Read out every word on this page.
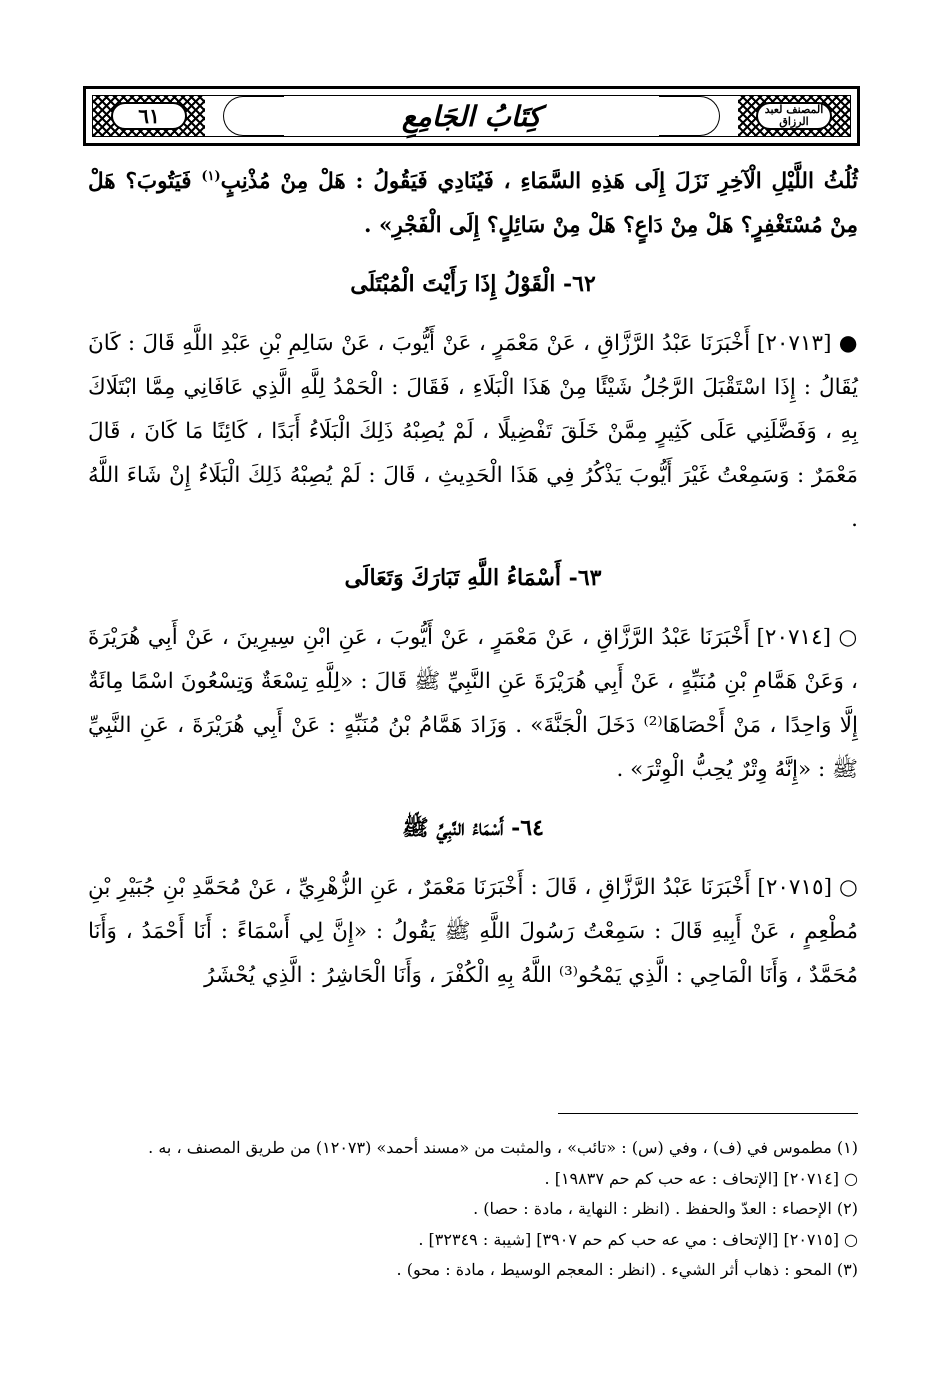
٦١	كِتَابُ الجَامِعِ	المصنف لعبد الرزاق

ثُلُثُ اللَّيْلِ الْآخِرِ نَزَلَ إِلَى هَذِهِ السَّمَاءِ ، فَيُنَادِي فَيَقُولُ : هَلْ مِنْ مُذْنِبٍ$^{(١)}$ فَيَتُوبَ؟ هَلْ مِنْ مُسْتَغْفِرٍ؟ هَلْ مِنْ دَاعٍ؟ هَلْ مِنْ سَائِلٍ؟ إِلَى الْفَجْرِ» .

٦٢- الْقَوْلُ إِذَا رَأَيْتَ الْمُبْتَلَى

● [٢٠٧١٣] أَخْبَرَنَا عَبْدُ الرَّزَّاقِ ، عَنْ مَعْمَرٍ ، عَنْ أَيُّوبَ ، عَنْ سَالِمِ بْنِ عَبْدِ اللَّهِ قَالَ : كَانَ يُقَالُ : إِذَا اسْتَقْبَلَ الرَّجُلُ شَيْئًا مِنْ هَذَا الْبَلَاءِ ، فَقَالَ : الْحَمْدُ لِلَّهِ الَّذِي عَافَانِي مِمَّا ابْتَلَاكَ بِهِ ، وَفَضَّلَنِي عَلَى كَثِيرٍ مِمَّنْ خَلَقَ تَفْضِيلًا ، لَمْ يُصِبْهُ ذَلِكَ الْبَلَاءُ أَبَدًا ، كَائِنًا مَا كَانَ ، قَالَ مَعْمَرٌ : وَسَمِعْتُ غَيْرَ أَيُّوبَ يَذْكُرُ فِي هَذَا الْحَدِيثِ ، قَالَ : لَمْ يُصِبْهُ ذَلِكَ الْبَلَاءُ إِنْ شَاءَ اللَّهُ .

٦٣- أَسْمَاءُ اللَّهِ تَبَارَكَ وَتَعَالَى

○ [٢٠٧١٤] أَخْبَرَنَا عَبْدُ الرَّزَّاقِ ، عَنْ مَعْمَرٍ ، عَنْ أَيُّوبَ ، عَنِ ابْنِ سِيرِينَ ، عَنْ أَبِي هُرَيْرَةَ ، وَعَنْ هَمَّامِ بْنِ مُنَبِّهٍ ، عَنْ أَبِي هُرَيْرَةَ عَنِ النَّبِيِّ ﷺ قَالَ : «لِلَّهِ تِسْعَةٌ وَتِسْعُونَ اسْمًا مِائَةٌ إِلَّا وَاحِدًا ، مَنْ أَحْصَاهَا⁽²⁾ دَخَلَ الْجَنَّةَ» . وَزَادَ هَمَّامُ بْنُ مُنَبِّهٍ : عَنْ أَبِي هُرَيْرَةَ ، عَنِ النَّبِيِّ ﷺ : «إِنَّهُ وِتْرٌ يُحِبُّ الْوِتْرَ» .

٦٤- أَسْمَاءُ النَّبِيِّ ﷺ

○ [٢٠٧١٥] أَخْبَرَنَا عَبْدُ الرَّزَّاقِ ، قَالَ : أَخْبَرَنَا مَعْمَرٌ ، عَنِ الزُّهْرِيِّ ، عَنْ مُحَمَّدِ بْنِ جُبَيْرِ بْنِ مُطْعِمٍ ، عَنْ أَبِيهِ قَالَ : سَمِعْتُ رَسُولَ اللَّهِ ﷺ يَقُولُ : «إِنَّ لِي أَسْمَاءً : أَنَا أَحْمَدُ ، وَأَنَا مُحَمَّدٌ ، وَأَنَا الْمَاحِي : الَّذِي يَمْحُو⁽³⁾ اللَّهُ بِهِ الْكُفْرَ ، وَأَنَا الْحَاشِرُ : الَّذِي يُحْشَرُ

(١) مطموس في (ف) ، وفي (س) : «تائب» ، والمثبت من «مسند أحمد» (١٢٠٧٣) من طريق المصنف ، به .
○ [٢٠٧١٤] [الإتحاف : عه حب كم حم ١٩٨٣٧] .
(٢) الإحصاء : العدّ والحفظ . (انظر : النهاية ، مادة : حصا) .
○ [٢٠٧١٥] [الإتحاف : مي عه حب كم حم ٣٩٠٧] [شيبة : ٣٢٣٤٩] .
(٣) المحو : ذهاب أثر الشيء . (انظر : المعجم الوسيط ، مادة : محو) .
